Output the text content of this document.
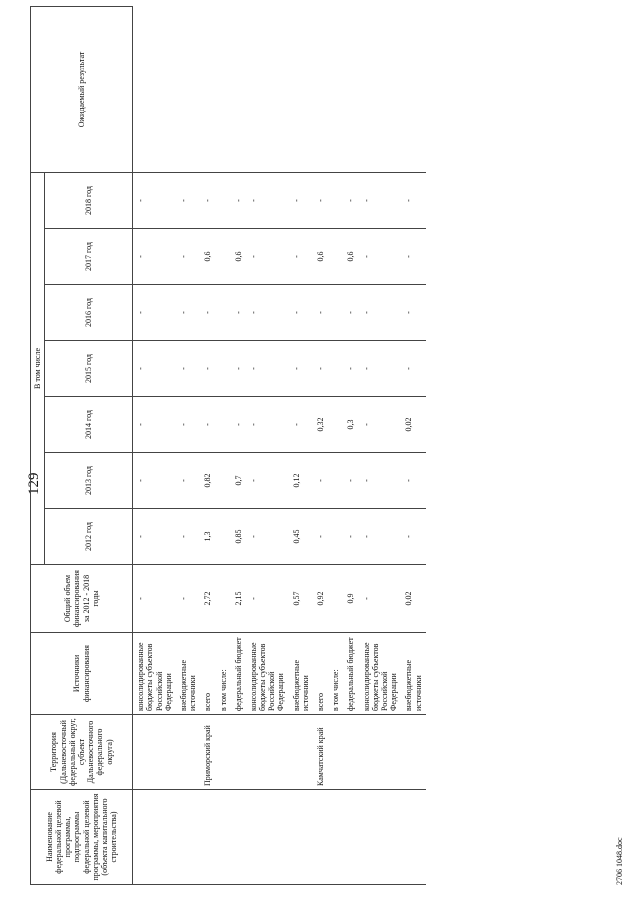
129
Наименование федеральной целевой программы, подпрограммы федеральной целевой программы, мероприятия (объекта капитального строительства)	Территория (Дальневосточный федеральный округ, субъект Дальневосточного федерального округа)	Источники финансирования	Общий объем финансирования за 2012 - 2018 годы	В том числе							Ожидаемый результат
				2012 год	2013 год	2014 год	2015 год	2016 год	2017 год	2018 год	
		консолидированные бюджеты субъектов Российской Федерации	-	-	-	-	-	-	-	-	
		внебюджетные источники	-	-	-	-	-	-	-	-	
	Приморский край	всего	2,72	1,3	0,82	-	-	-	0,6	-	
		в том числе:									
		федеральный бюджет	2,15	0,85	0,7	-	-	-	0,6	-	
		консолидированные бюджеты субъектов Российской Федерации	-	-	-	-	-	-	-	-	
		внебюджетные источники	0,57	0,45	0,12	-	-	-	-	-	
	Камчатский край	всего	0,92	-	-	0,32	-	-	0,6	-	
		в том числе:									
		федеральный бюджет	0,9	-	-	0,3	-	-	0,6	-	
		консолидированные бюджеты субъектов Российской Федерации	-	-	-	-	-	-	-	-	
		внебюджетные источники	0,02	-	-	0,02	-	-	-	-	
2706 1048.doc
